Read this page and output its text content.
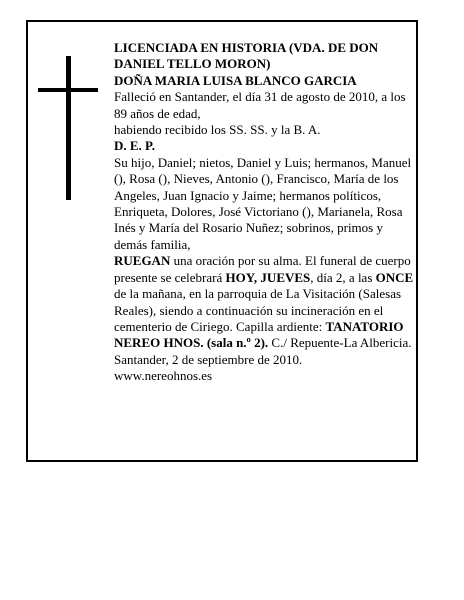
LICENCIADA EN HISTORIA (VDA. DE DON DANIEL TELLO MORON)

DOÑA MARIA LUISA BLANCO GARCIA

Falleció en Santander, el día 31 de agosto de 2010, a los 89 años de edad,

habiendo recibido los SS. SS. y la B. A.

D. E. P.

Su hijo, Daniel; nietos, Daniel y Luis; hermanos, Manuel (), Rosa (), Nieves, Antonio (), Francisco, María de los Angeles, Juan Ignacio y Jaime; hermanos políticos, Enriqueta, Dolores, José Victoriano (), Marianela, Rosa Inés y María del Rosario Nuñez; sobrinos, primos y demás familia,

RUEGAN una oración por su alma. El funeral de cuerpo presente se celebrará HOY, JUEVES, día 2, a las ONCE de la mañana, en la parroquia de La Visitación (Salesas Reales), siendo a continuación su incineración en el cementerio de Ciriego. Capilla ardiente: TANATORIO NEREO HNOS. (sala n.º 2). C./ Repuente-La Albericia.

Santander, 2 de septiembre de 2010.

www.nereohnos.es
